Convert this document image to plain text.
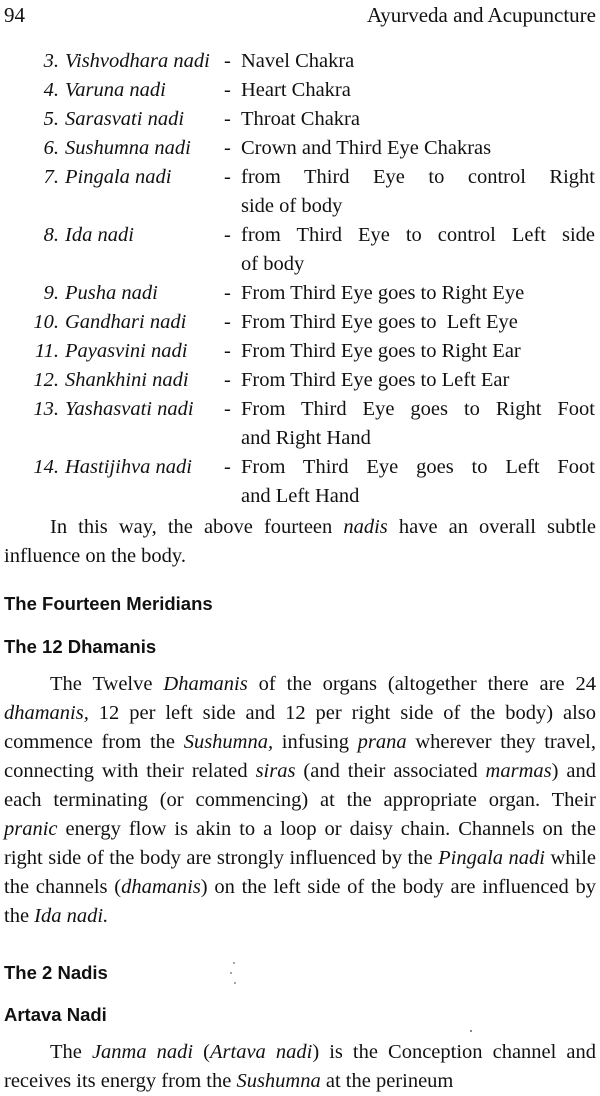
94	Ayurveda and Acupuncture
3. Vishvodhara nadi - Navel Chakra
4. Varuna nadi	- Heart Chakra
5. Sarasvati nadi	- Throat Chakra
6. Sushumna nadi	- Crown and Third Eye Chakras
7. Pingala nadi	- from Third Eye to control Right
side of body
8. Ida nadi	- from Third Eye to control Left side
of body
9. Pusha nadi	- From Third Eye goes to Right Eye
10. Gandhari nadi	- From Third Eye goes to  Left Eye
11. Payasvini nadi	- From Third Eye goes to Right Ear
12. Shankhini nadi	- From Third Eye goes to Left Ear
13. Yashasvati nadi	- From Third Eye goes to Right Foot
and Right Hand
14. Hastijihva nadi	- From Third Eye goes to Left Foot
and Left Hand

In this way, the above fourteen nadis have an overall subtle influence on the body.

The Fourteen Meridians
The 12 Dhamanis

The Twelve Dhamanis of the organs (altogether there are 24 dhamanis, 12 per left side and 12 per right side of the body) also commence from the Sushumna, infusing prana wherever they travel, connecting with their related siras (and their associated marmas) and each terminating (or commencing) at the appropriate organ. Their pranic energy flow is akin to a loop or daisy chain. Channels on the right side of the body are strongly influenced by the Pingala nadi while the channels (dhamanis) on the left side of the body are influenced by the Ida nadi.

The 2 Nadis
Artava Nadi

The Janma nadi (Artava nadi) is the Conception channel and receives its energy from the Sushumna at the perineum
